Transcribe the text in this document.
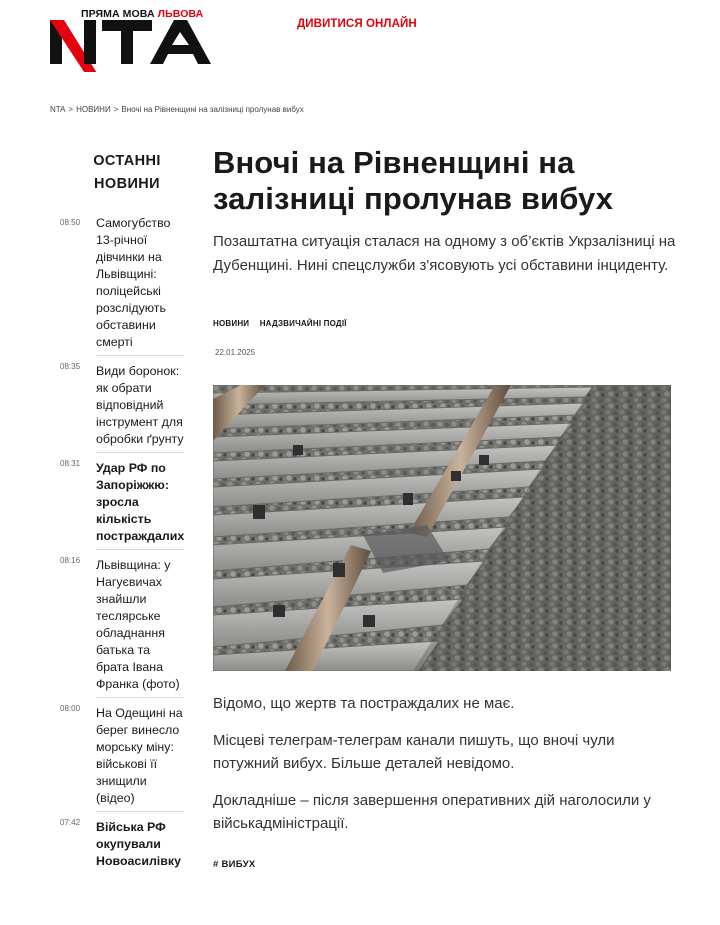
ПРЯМА МОВА ЛЬВОВА
ДИВИТИСЯ ОНЛАЙН
NTA > НОВИНИ > Вночі на Рівненщині на залізниці пролунав вибух
ОСТАННІ
НОВИНИ
08:50 Самогубство 13-річної дівчинки на Львівщині: поліцейські розслідують обставини смерті
08:35 Види боронок: як обрати відповідний інструмент для обробки ґрунту
08:31 Удар РФ по Запоріжжю: зросла кількість постраждалих
08:16 Львівщина: у Нагуєвичах знайшли теслярське обладнання батька та брата Івана Франка (фото)
08:00 На Одещині на берег винесло морську міну: військові її знищили (відео)
07:42 Війська РФ окупували Новоасилівку
Вночі на Рівненщині на залізниці пролунав вибух

Позаштатна ситуація сталася на одному з об’єктів Укрзалізниці на Дубенщині. Нині спецслужби з'ясовують усі обставини інциденту.

НОВИНИ НАДЗВИЧАЙНІ ПОДІЇ
22.01.2025

Відомо, що жертв та постраждалих не має.

Місцеві телеграм-телеграм канали пишуть, що вночі чули потужний вибух. Більше деталей невідомо.

Докладніше – після завершення оперативних дій наголосили у військадміністрації.

# ВИБУХ
